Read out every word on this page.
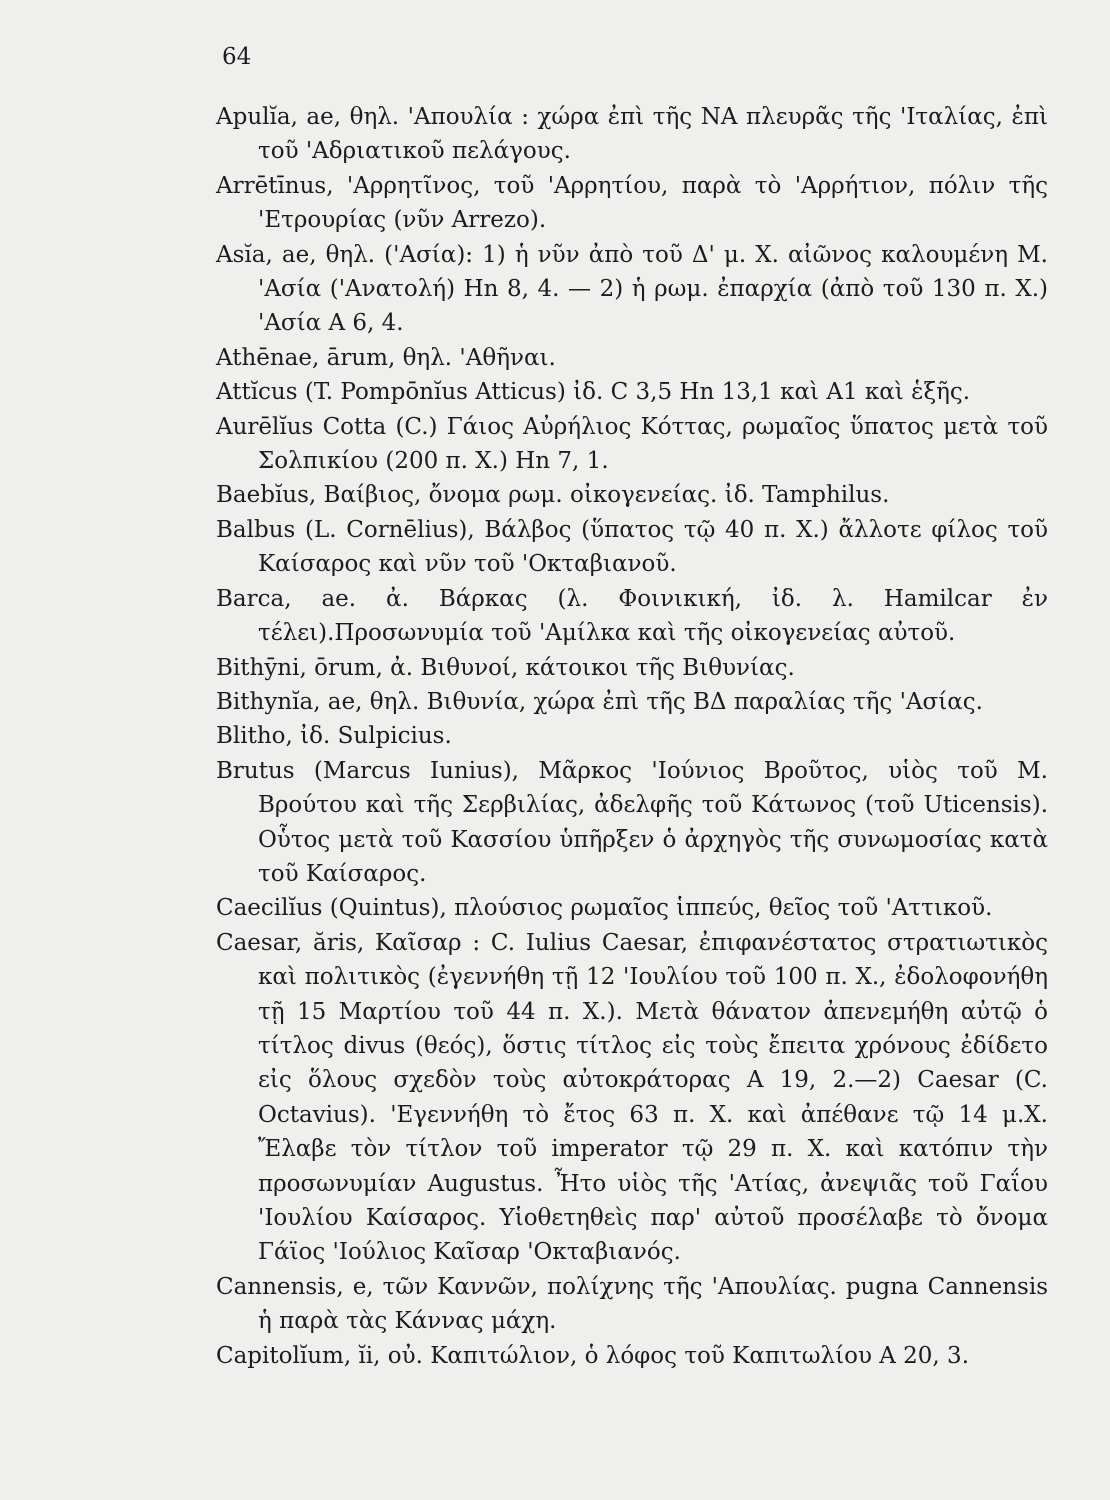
64

Apulĭa, ae, θηλ. 'Απουλία : χώρα ἐπὶ τῆς ΝΑ πλευρᾶς τῆς 'Ιταλίας, ἐπὶ τοῦ 'Αδριατικοῦ πελάγους.

Arrētīnus, 'Αρρητῖνος, τοῦ 'Αρρητίου, παρὰ τὸ 'Αρρήτιον, πόλιν τῆς 'Ετρουρίας (νῦν Arrezo).

Asĭa, ae, θηλ. ('Ασία): 1) ἡ νῦν ἀπὸ τοῦ Δ' μ. Χ. αἰῶνος καλουμένη Μ. 'Ασία ('Ανατολή) Hn 8, 4. — 2) ἡ ρωμ. ἐπαρχία (ἀπὸ τοῦ 130 π. Χ.) 'Ασία Α 6, 4.

Athēnae, ārum, θηλ. 'Αθῆναι.

Attĭcus (T. Pompōnĭus Atticus) ἰδ. C 3,5 Hn 13,1 καὶ A1 καὶ ἑξῆς.

Aurēlĭus Cotta (C.) Γάιος Αὐρήλιος Κόττας, ρωμαῖος ὕπατος μετὰ τοῦ Σολπικίου (200 π. Χ.) Hn 7, 1.

Baebĭus, Βαίβιος, ὄνομα ρωμ. οἰκογενείας. ἰδ. Tamphilus.

Balbus (L. Cornēlius), Βάλβος (ὕπατος τῷ 40 π. Χ.) ἄλλοτε φίλος τοῦ Καίσαρος καὶ νῦν τοῦ 'Οκταβιανοῦ.

Barca, ae. ἀ. Βάρκας (λ. Φοινικική, ἰδ. λ. Hamilcar ἐν τέλει).Προσωνυμία τοῦ 'Αμίλκα καὶ τῆς οἰκογενείας αὐτοῦ.

Bithȳni, ōrum, ἀ. Βιθυνοί, κάτοικοι τῆς Βιθυνίας.

Bithynĭa, ae, θηλ. Βιθυνία, χώρα ἐπὶ τῆς ΒΔ παραλίας τῆς 'Ασίας.

Blitho, ἰδ. Sulpicius.

Brutus (Marcus Iunius), Μᾶρκος 'Ιούνιος Βροῦτος, υἱὸς τοῦ Μ. Βρούτου καὶ τῆς Σερβιλίας, ἀδελφῆς τοῦ Κάτωνος (τοῦ Uticensis). Οὗτος μετὰ τοῦ Κασσίου ὑπῆρξεν ὁ ἀρχηγὸς τῆς συνωμοσίας κατὰ τοῦ Καίσαρος.

Caecilĭus (Quintus), πλούσιος ρωμαῖος ἱππεύς, θεῖος τοῦ 'Αττικοῦ.

Caesar, ăris, Καῖσαρ : C. Iulius Caesar, ἐπιφανέστατος στρατιωτικὸς καὶ πολιτικὸς (ἐγεννήθη τῇ 12 'Ιουλίου τοῦ 100 π. Χ., ἐδολοφονήθη τῇ 15 Μαρτίου τοῦ 44 π. Χ.). Μετὰ θάνατον ἀπενεμήθη αὐτῷ ὁ τίτλος divus (θεός), ὅστις τίτλος εἰς τοὺς ἔπειτα χρόνους ἐδίδετο εἰς ὅλους σχεδὸν τοὺς αὐτοκράτορας Α 19, 2.—2) Caesar (C. Octavius). 'Εγεννήθη τὸ ἔτος 63 π. Χ. καὶ ἀπέθανε τῷ 14 μ.Χ. Ἔλαβε τὸν τίτλον τοῦ imperator τῷ 29 π. Χ. καὶ κατόπιν τὴν προσωνυμίαν Augustus. Ἦτο υἱὸς τῆς 'Ατίας, ἀνεψιᾶς τοῦ Γαΐου 'Ιουλίου Καίσαρος. Υἱοθετηθεὶς παρ' αὐτοῦ προσέλαβε τὸ ὄνομα Γάϊος 'Ιούλιος Καῖσαρ 'Οκταβιανός.

Cannensis, e, τῶν Καννῶν, πολίχνης τῆς 'Απουλίας. pugna Cannensis ἡ παρὰ τὰς Κάννας μάχη.

Capitolĭum, ĭi, οὐ. Καπιτώλιον, ὁ λόφος τοῦ Καπιτωλίου Α 20, 3.
